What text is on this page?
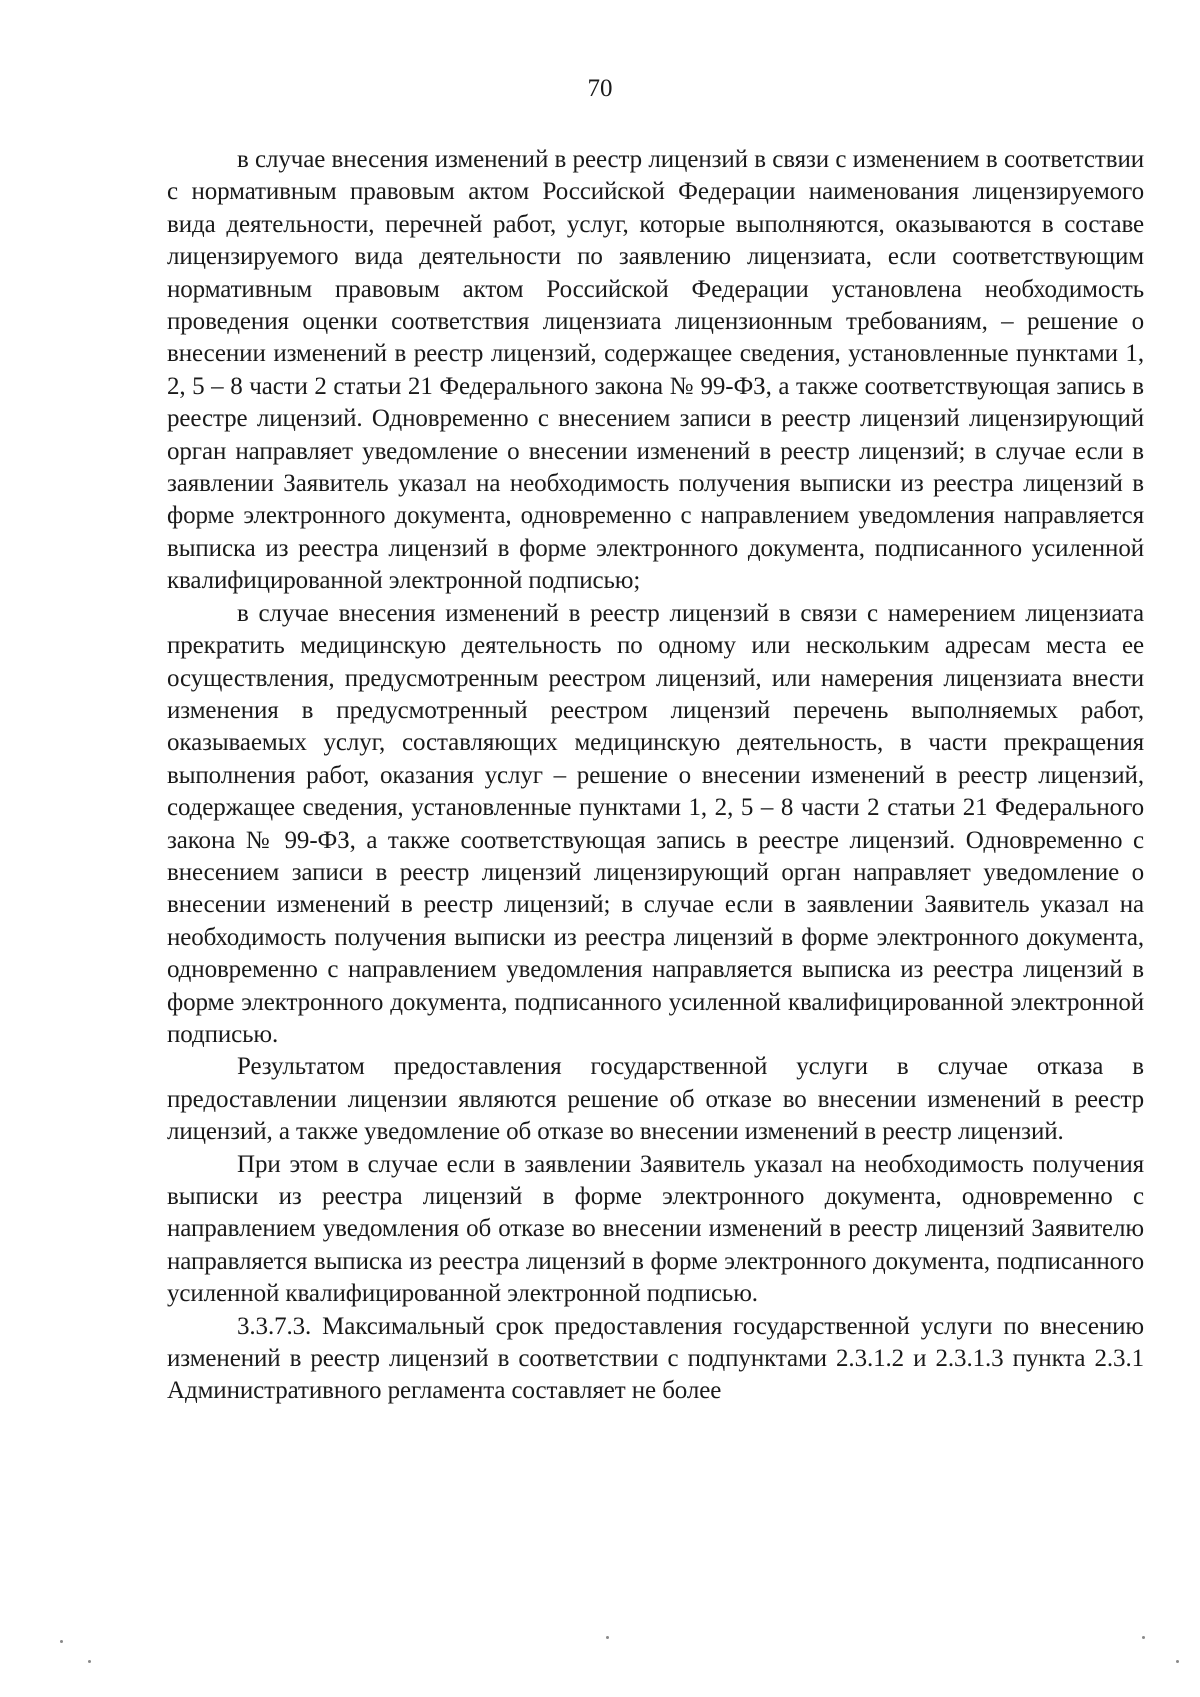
70

в случае внесения изменений в реестр лицензий в связи с изменением в соответствии с нормативным правовым актом Российской Федерации наименования лицензируемого вида деятельности, перечней работ, услуг, которые выполняются, оказываются в составе лицензируемого вида деятельности по заявлению лицензиата, если соответствующим нормативным правовым актом Российской Федерации установлена необходимость проведения оценки соответствия лицензиата лицензионным требованиям, – решение о внесении изменений в реестр лицензий, содержащее сведения, установленные пунктами 1, 2, 5 – 8 части 2 статьи 21 Федерального закона № 99-ФЗ, а также соответствующая запись в реестре лицензий. Одновременно с внесением записи в реестр лицензий лицензирующий орган направляет уведомление о внесении изменений в реестр лицензий; в случае если в заявлении Заявитель указал на необходимость получения выписки из реестра лицензий в форме электронного документа, одновременно с направлением уведомления направляется выписка из реестра лицензий в форме электронного документа, подписанного усиленной квалифицированной электронной подписью;

в случае внесения изменений в реестр лицензий в связи с намерением лицензиата прекратить медицинскую деятельность по одному или нескольким адресам места ее осуществления, предусмотренным реестром лицензий, или намерения лицензиата внести изменения в предусмотренный реестром лицензий перечень выполняемых работ, оказываемых услуг, составляющих медицинскую деятельность, в части прекращения выполнения работ, оказания услуг – решение о внесении изменений в реестр лицензий, содержащее сведения, установленные пунктами 1, 2, 5 – 8 части 2 статьи 21 Федерального закона № 99-ФЗ, а также соответствующая запись в реестре лицензий. Одновременно с внесением записи в реестр лицензий лицензирующий орган направляет уведомление о внесении изменений в реестр лицензий; в случае если в заявлении Заявитель указал на необходимость получения выписки из реестра лицензий в форме электронного документа, одновременно с направлением уведомления направляется выписка из реестра лицензий в форме электронного документа, подписанного усиленной квалифицированной электронной подписью.

Результатом предоставления государственной услуги в случае отказа в предоставлении лицензии являются решение об отказе во внесении изменений в реестр лицензий, а также уведомление об отказе во внесении изменений в реестр лицензий.

При этом в случае если в заявлении Заявитель указал на необходимость получения выписки из реестра лицензий в форме электронного документа, одновременно с направлением уведомления об отказе во внесении изменений в реестр лицензий Заявителю направляется выписка из реестра лицензий в форме электронного документа, подписанного усиленной квалифицированной электронной подписью.

3.3.7.3. Максимальный срок предоставления государственной услуги по внесению изменений в реестр лицензий в соответствии с подпунктами 2.3.1.2 и 2.3.1.3 пункта 2.3.1 Административного регламента составляет не более
